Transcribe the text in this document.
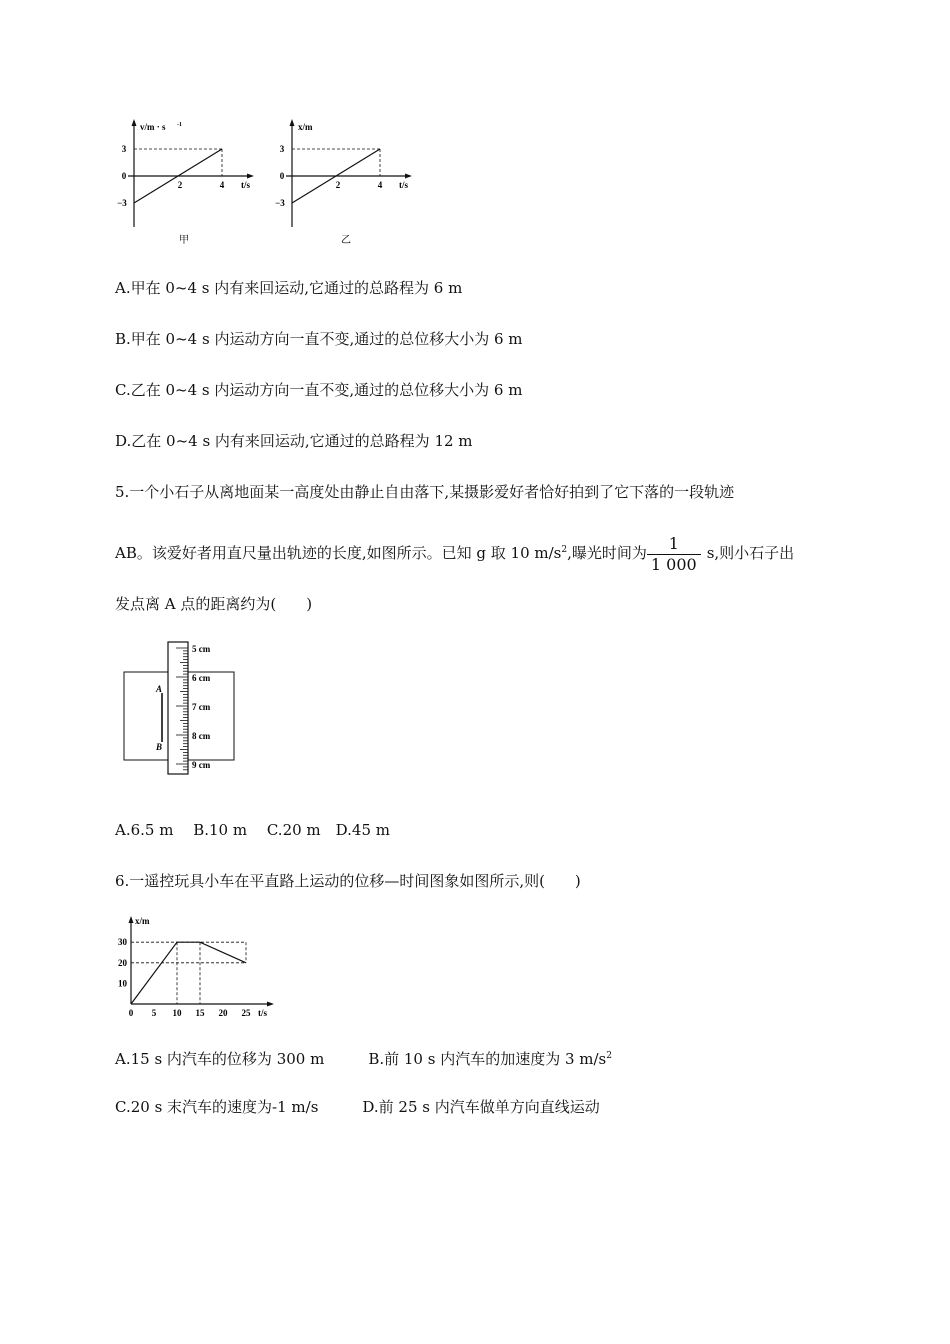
v/m · s -1
t/s
3
0
−3
2	4
甲
x/m
t/s
3
0
−3
2	4
乙
A.甲在 0~4 s 内有来回运动,它通过的总路程为 6 m
B.甲在 0~4 s 内运动方向一直不变,通过的总位移大小为 6 m
C.乙在 0~4 s 内运动方向一直不变,通过的总位移大小为 6 m
D.乙在 0~4 s 内有来回运动,它通过的总路程为 12 m
5.一个小石子从离地面某一高度处由静止自由落下,某摄影爱好者恰好拍到了它下落的一段轨迹
AB。该爱好者用直尺量出轨迹的长度,如图所示。已知 g 取 10 $m/s^2$,曝光时间为 $\frac{1}{1 000} s$,则小石子出
发点离 A 点的距离约为(　　)
A
B
5 cm
6 cm
7 cm
8 cm
9 cm
A.6.5 m　 B.10 m　 C.20 m　D.45 m
6.一遥控玩具小车在平直路上运动的位移—时间图象如图所示,则(　　)
x/m
t/s
0 5 10 15 20 25
10
20
30
A.15 s 内汽车的位移为 300 m	B.前 10 s 内汽车的加速度为 3 $m/s^2$
C.20 s 末汽车的速度为-1 m/s	D.前 25 s 内汽车做单方向直线运动
